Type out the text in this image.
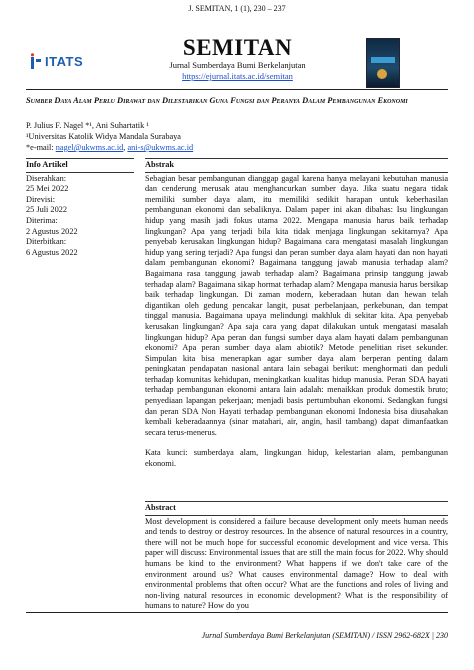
J. SEMITAN, 1 (1), 230 – 237
ITATS
SEMITAN
Jurnal Sumberdaya Bumi Berkelanjutan
https://ejurnal.itats.ac.id/semitan
Sumber Daya Alam Perlu Dirawat dan Dilestarikan Guna Fungsi dan Peranya Dalam Pembangunan Ekonomi
P. Julius F. Nagel *¹, Ani Suhartatik ¹
¹Universitas Katolik Widya Mandala Surabaya
*e-mail: nagel@ukwms.ac.id, ani-s@ukwms.ac.id
Info Artikel
Diserahkan:
25 Mei 2022
Direvisi:
25 Juli 2022
Diterima:
2 Agustus 2022
Diterbitkan:
6 Agustus 2022
Abstrak

Sebagian besar pembangunan dianggap gagal karena hanya melayani kebutuhan manusia dan cenderung merusak atau menghancurkan sumber daya. Jika suatu negara tidak memiliki sumber daya alam, itu memiliki sedikit harapan untuk keberhasilan pembangunan ekonomi dan sebaliknya. Dalam paper ini akan dibahas: Isu lingkungan hidup yang masih jadi fokus utama 2022. Mengapa manusia harus baik terhadap lingkungan? Apa yang terjadi bila kita tidak menjaga lingkungan sekitarnya? Apa penyebab kerusakan lingkungan hidup? Bagaimana cara mengatasi masalah lingkungan hidup yang sering terjadi? Apa fungsi dan peran sumber daya alam hayati dan non hayati dalam pembangunan ekonomi? Bagaimana tanggung jawab manusia terhadap alam? Bagaimana rasa tanggung jawab terhadap alam? Bagaimana prinsip tanggung jawab terhadap alam? Bagaimana sikap hormat terhadap alam? Mengapa manusia harus bersikap baik terhadap lingkungan. Di zaman modern, keberadaan hutan dan hewan telah digantikan oleh gedung pencakar langit, pusat perbelanjaan, perkebunan, dan tempat tinggal manusia. Bagaimana upaya melindungi makhluk di sekitar kita. Apa penyebab kerusakan lingkungan? Apa saja cara yang dapat dilakukan untuk mengatasi masalah lingkungan hidup? Apa peran dan fungsi sumber daya alam hayati dalam pembangunan ekonomi? Apa peran sumber daya alam abiotik? Metode penelitian riset sekunder. Simpulan kita bisa menerapkan agar sumber daya alam berperan penting dalam peningkatan pendapatan nasional antara lain sebagai berikut: menghormati dan peduli terhadap komunitas kehidupan, meningkatkan kualitas hidup manusia. Peran SDA hayati terhadap pembangunan ekonomi antara lain adalah: menaikkan produk domestik bruto; penyediaan lapangan pekerjaan; menjadi basis pertumbuhan ekonomi. Sedangkan fungsi dan peran SDA Non Hayati terhadap pembangunan ekonomi Indonesia bisa diusahakan kembali keberadaannya (sinar matahari, air, angin, hasil tambang) dapat dimanfaatkan secara terus-menerus.

Kata kunci: sumberdaya alam, lingkungan hidup, kelestarian alam, pembangunan ekonomi.

Abstract

Most development is considered a failure because development only meets human needs and tends to destroy or destroy resources. In the absence of natural resources in a country, there will not be much hope for successful economic development and vice versa. This paper will discuss: Environmental issues that are still the main focus for 2022. Why should humans be kind to the environment? What happens if we don't take care of the environment around us? What causes environmental damage? How to deal with environmental problems that often occur? What are the functions and roles of living and non-living natural resources in economic development? What is the responsibility of humans to nature? How do you

Jurnal Sumberdaya Bumi Berkelanjutan (SEMITAN) / ISSN 2962-682X | 230
